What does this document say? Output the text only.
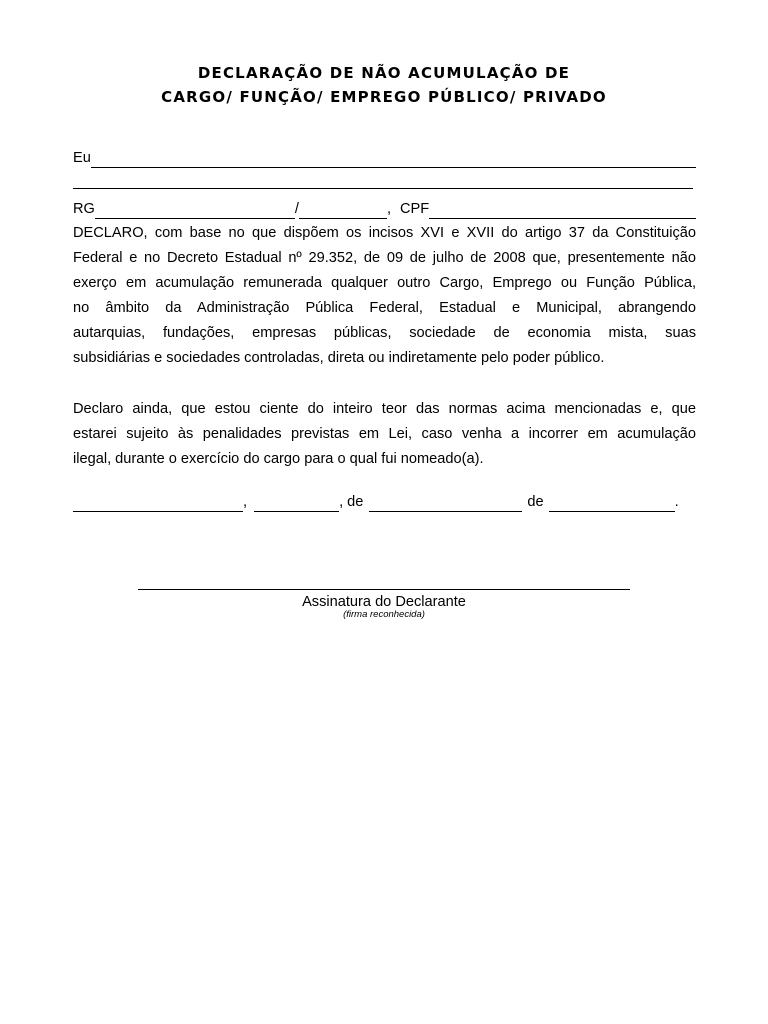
DECLARAÇÃO DE NÃO ACUMULAÇÃO DE
CARGO/ FUNÇÃO/ EMPREGO PÚBLICO/ PRIVADO
Eu
RG	/	, CPF
DECLARO, com base no que dispõem os incisos XVI e XVII do artigo 37 da Constituição
Federal e no Decreto Estadual nº 29.352, de 09 de julho de 2008 que, presentemente não
exerço em acumulação remunerada qualquer outro Cargo, Emprego ou Função Pública,
no âmbito da Administração Pública Federal, Estadual e Municipal, abrangendo
autarquias, fundações, empresas públicas, sociedade de economia mista, suas
subsidiárias e sociedades controladas, direta ou indiretamente pelo poder público.
Declaro ainda, que estou ciente do inteiro teor das normas acima mencionadas e, que
estarei sujeito às penalidades previstas em Lei, caso venha a incorrer em acumulação
ilegal, durante o exercício do cargo para o qual fui nomeado(a).
,	, de	de	.
Assinatura do Declarante
(firma reconhecida)
